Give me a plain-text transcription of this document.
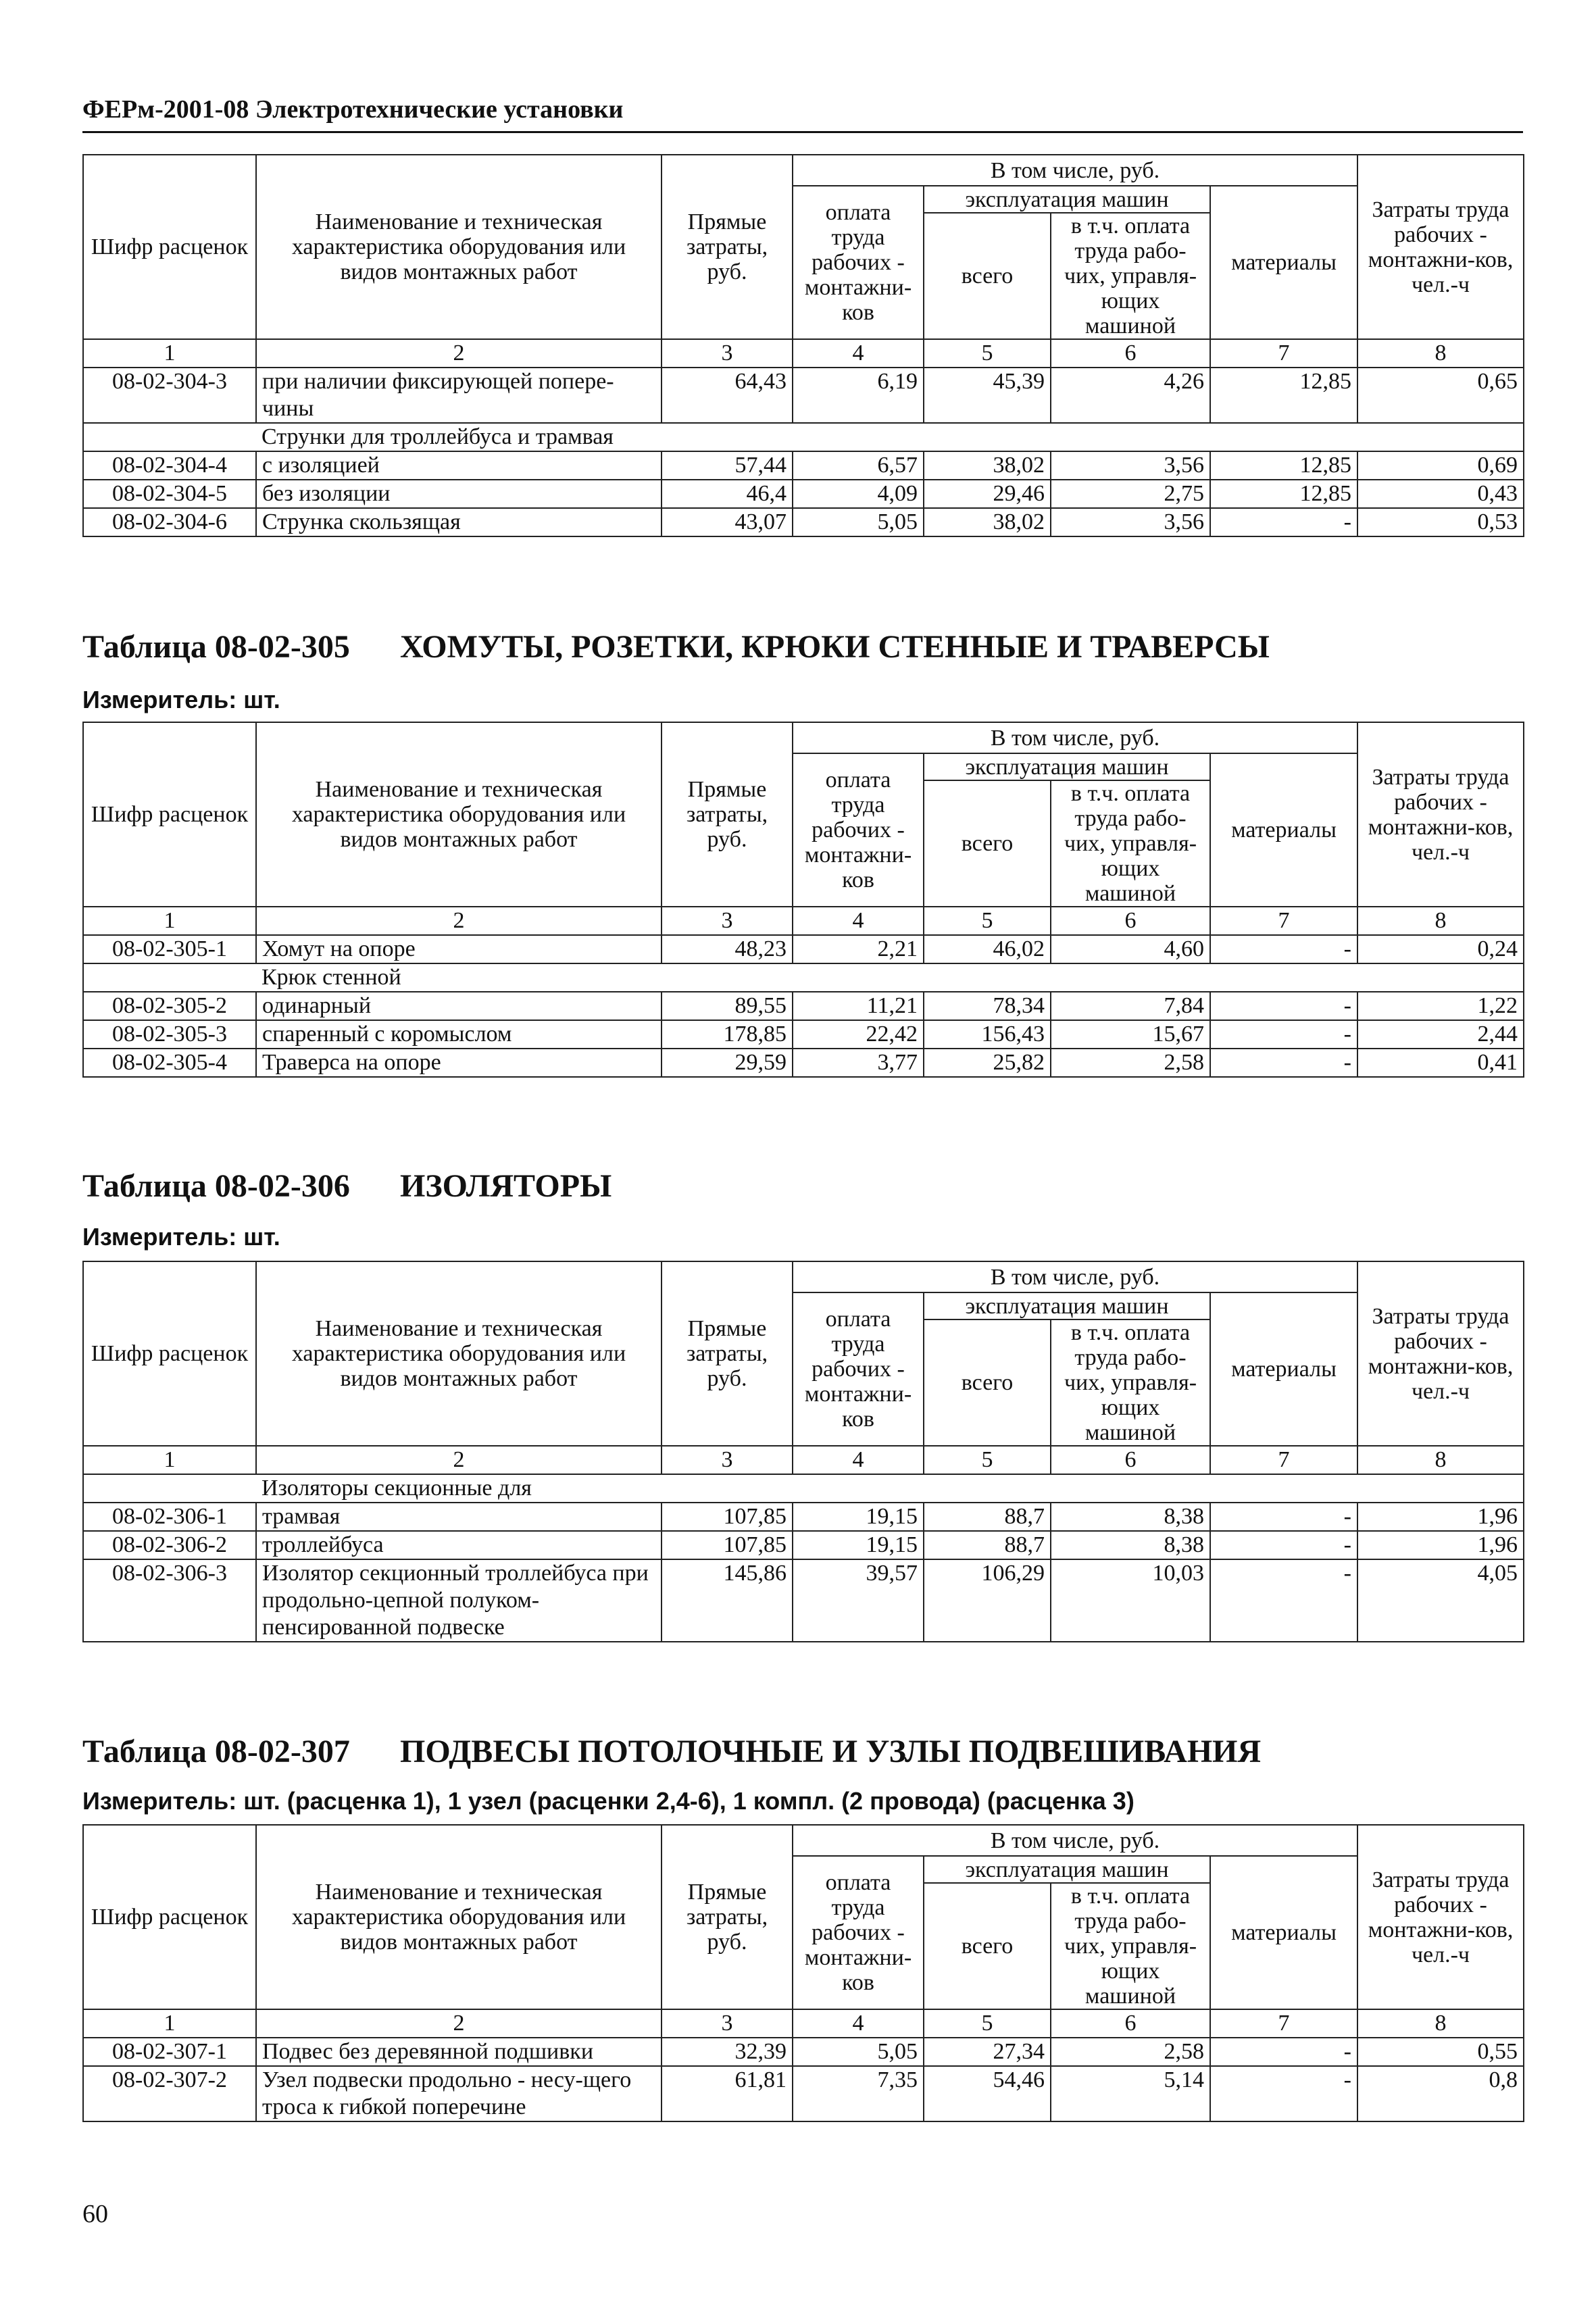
ФЕРм-2001-08 Электротехнические установки
Шифр расценок	Наименование и техническая характеристика оборудования или видов монтажных работ	Прямые затраты, руб.	В том числе, руб.				Затраты труда рабочих - монтажни-ков, чел.-ч
			оплата труда рабочих - монтажни-ков	эксплуатация машин		материалы	
				всего	в т.ч. оплата труда рабо-чих, управля-ющих машиной		
1	2	3	4	5	6	7	8
08-02-304-3	при наличии фиксирующей попере-чины	64,43	6,19	45,39	4,26	12,85	0,65
	Струнки для троллейбуса и трамвая						
08-02-304-4	с изоляцией	57,44	6,57	38,02	3,56	12,85	0,69
08-02-304-5	без изоляции	46,4	4,09	29,46	2,75	12,85	0,43
08-02-304-6	Струнка скользящая	43,07	5,05	38,02	3,56	-	0,53
Таблица 08-02-305 ХОМУТЫ, РОЗЕТКИ, КРЮКИ СТЕННЫЕ И ТРАВЕРСЫ
Измеритель: шт.
Шифр расценок	Наименование и техническая характеристика оборудования или видов монтажных работ	Прямые затраты, руб.	В том числе, руб.				Затраты труда рабочих - монтажни-ков, чел.-ч
			оплата труда рабочих - монтажни-ков	эксплуатация машин		материалы	
				всего	в т.ч. оплата труда рабо-чих, управля-ющих машиной		
1	2	3	4	5	6	7	8
08-02-305-1	Хомут на опоре	48,23	2,21	46,02	4,60	-	0,24
	Крюк стенной						
08-02-305-2	одинарный	89,55	11,21	78,34	7,84	-	1,22
08-02-305-3	спаренный с коромыслом	178,85	22,42	156,43	15,67	-	2,44
08-02-305-4	Траверса на опоре	29,59	3,77	25,82	2,58	-	0,41
Таблица 08-02-306 ИЗОЛЯТОРЫ
Измеритель: шт.
Шифр расценок	Наименование и техническая характеристика оборудования или видов монтажных работ	Прямые затраты, руб.	В том числе, руб.				Затраты труда рабочих - монтажни-ков, чел.-ч
			оплата труда рабочих - монтажни-ков	эксплуатация машин		материалы	
				всего	в т.ч. оплата труда рабо-чих, управля-ющих машиной		
1	2	3	4	5	6	7	8
	Изоляторы секционные для						
08-02-306-1	трамвая	107,85	19,15	88,7	8,38	-	1,96
08-02-306-2	троллейбуса	107,85	19,15	88,7	8,38	-	1,96
08-02-306-3	Изолятор секционный троллейбуса при продольно-цепной полуком-пенсированной подвеске	145,86	39,57	106,29	10,03	-	4,05
Таблица 08-02-307 ПОДВЕСЫ ПОТОЛОЧНЫЕ И УЗЛЫ ПОДВЕШИВАНИЯ
Измеритель: шт. (расценка 1), 1 узел (расценки 2,4-6), 1 компл. (2 провода) (расценка 3)
Шифр расценок	Наименование и техническая характеристика оборудования или видов монтажных работ	Прямые затраты, руб.	В том числе, руб.				Затраты труда рабочих - монтажни-ков, чел.-ч
			оплата труда рабочих - монтажни-ков	эксплуатация машин		материалы	
				всего	в т.ч. оплата труда рабо-чих, управля-ющих машиной		
1	2	3	4	5	6	7	8
08-02-307-1	Подвес без деревянной подшивки	32,39	5,05	27,34	2,58	-	0,55
08-02-307-2	Узел подвески продольно - несу-щего троса к гибкой поперечине	61,81	7,35	54,46	5,14	-	0,8
60
